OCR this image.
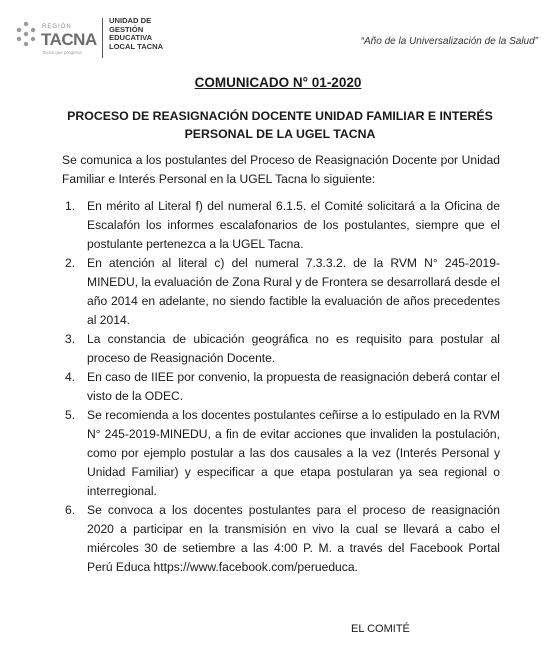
REGIÓN
TACNA
Tacna que progresa
UNIDAD DE
GESTIÓN
EDUCATIVA
LOCAL TACNA	“Año de la Universalización de la Salud”
COMUNICADO N° 01-2020
PROCESO DE REASIGNACIÓN DOCENTE UNIDAD FAMILIAR E INTERÉS PERSONAL DE LA UGEL TACNA
Se comunica a los postulantes del Proceso de Reasignación Docente por Unidad Familiar e Interés Personal en la UGEL Tacna lo siguiente:
1. En mérito al Literal f) del numeral 6.1.5. el Comité solicitará a la Oficina de Escalafón los informes escalafonarios de los postulantes, siempre que el postulante pertenezca a la UGEL Tacna.
2. En atención al literal c) del numeral 7.3.3.2. de la RVM N° 245-2019-MINEDU, la evaluación de Zona Rural y de Frontera se desarrollará desde el año 2014 en adelante, no siendo factible la evaluación de años precedentes al 2014.
3. La constancia de ubicación geográfica no es requisito para postular al proceso de Reasignación Docente.
4. En caso de IIEE por convenio, la propuesta de reasignación deberá contar el visto de la ODEC.
5. Se recomienda a los docentes postulantes ceñirse a lo estipulado en la RVM N° 245-2019-MINEDU, a fin de evitar acciones que invaliden la postulación, como por ejemplo postular a las dos causales a la vez (Interés Personal y Unidad Familiar) y especificar a que etapa postularan ya sea regional o interregional.
6. Se convoca a los docentes postulantes para el proceso de reasignación 2020 a participar en la transmisión en vivo la cual se llevará a cabo el miércoles 30 de setiembre a las 4:00 P. M. a través del Facebook Portal Perú Educa https://www.facebook.com/perueduca.
EL COMITÉ
